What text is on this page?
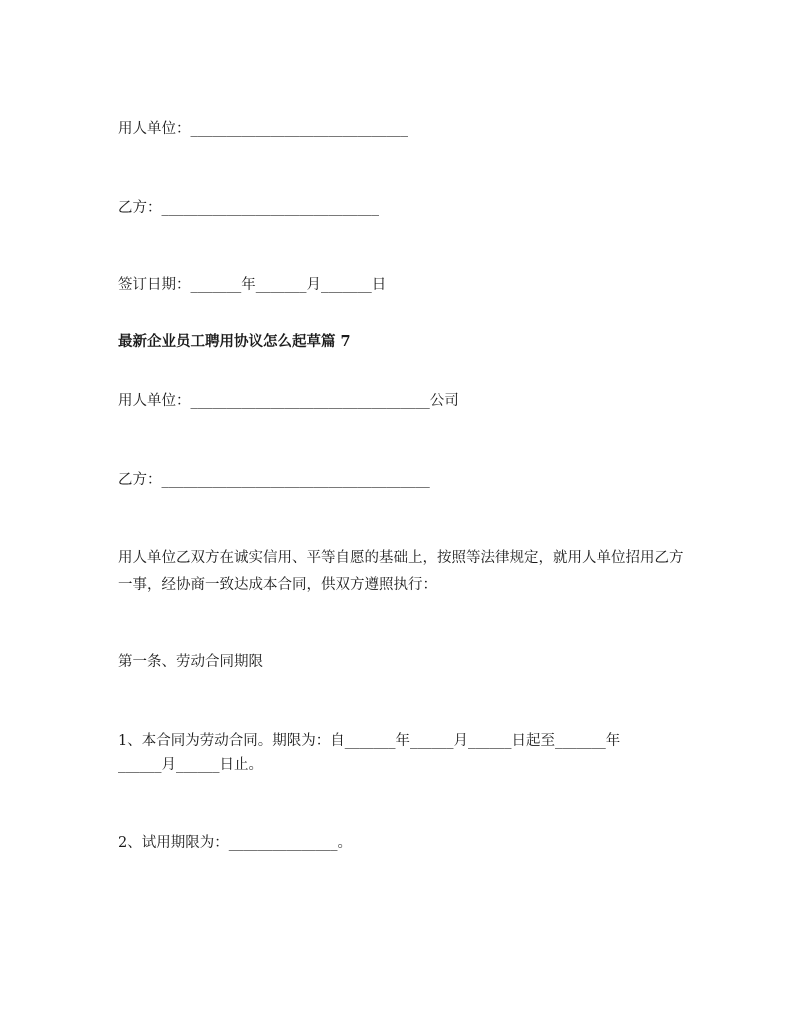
用人单位：______________________________
乙方：______________________________
签订日期：_______年_______月_______日
最新企业员工聘用协议怎么起草篇 7
用人单位：_________________________________公司
乙方：_____________________________________
用人单位乙双方在诚实信用、平等自愿的基础上，按照等法律规定，就用人单位招用乙方一事，经协商一致达成本合同，供双方遵照执行：
第一条、劳动合同期限
1、本合同为劳动合同。期限为：自_______年______月______日起至_______年
______月______日止。
2、试用期限为：_______________。
